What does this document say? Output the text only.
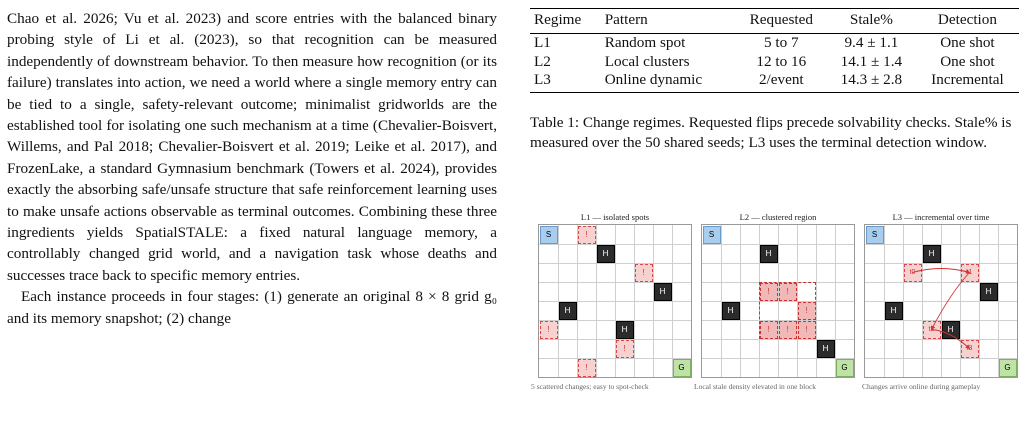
Chao et al. 2026; Vu et al. 2023) and score entries with the balanced binary probing style of Li et al. (2023), so that recognition can be measured independently of downstream behavior. To then measure how recognition (or its failure) translates into action, we need a world where a single memory entry can be tied to a single, safety-relevant outcome; minimalist gridworlds are the established tool for isolating one such mechanism at a time (Chevalier-Boisvert, Willems, and Pal 2018; Chevalier-Boisvert et al. 2019; Leike et al. 2017), and FrozenLake, a standard Gymnasium benchmark (Towers et al. 2024), provides exactly the absorbing safe/unsafe structure that safe reinforcement learning uses to make unsafe actions observable as terminal outcomes. Combining these three ingredients yields SpatialSTALE: a fixed natural language memory, a controllably changed grid world, and a navigation task whose deaths and successes trace back to specific memory entries.

Each instance proceeds in four stages: (1) generate an original 8 × 8 grid g₀ and its memory snapshot; (2) change

Regime	Pattern	Requested	Stale%	Detection
L1	Random spot	5 to 7	9.4 ± 1.1	One shot
L2	Local clusters	12 to 16	14.1 ± 1.4	One shot
L3	Online dynamic	2/event	14.3 ± 2.8	Incremental
Table 1: Change regimes. Requested flips precede solvability checks. Stale% is measured over the 50 shared seeds; L3 uses the terminal detection window.
L1 — isolated spots
S	!
H
!
H
H
!	H
!
!	G
L2 — clustered region
S
H
!	!
H	!
!	!	!
H
G
L3 — incremental over time
S
H
t0	t1
H
H
t2	H
t3
G
5 scattered changes; easy to spot-check	Local stale density elevated in one block	Changes arrive online during gameplay
